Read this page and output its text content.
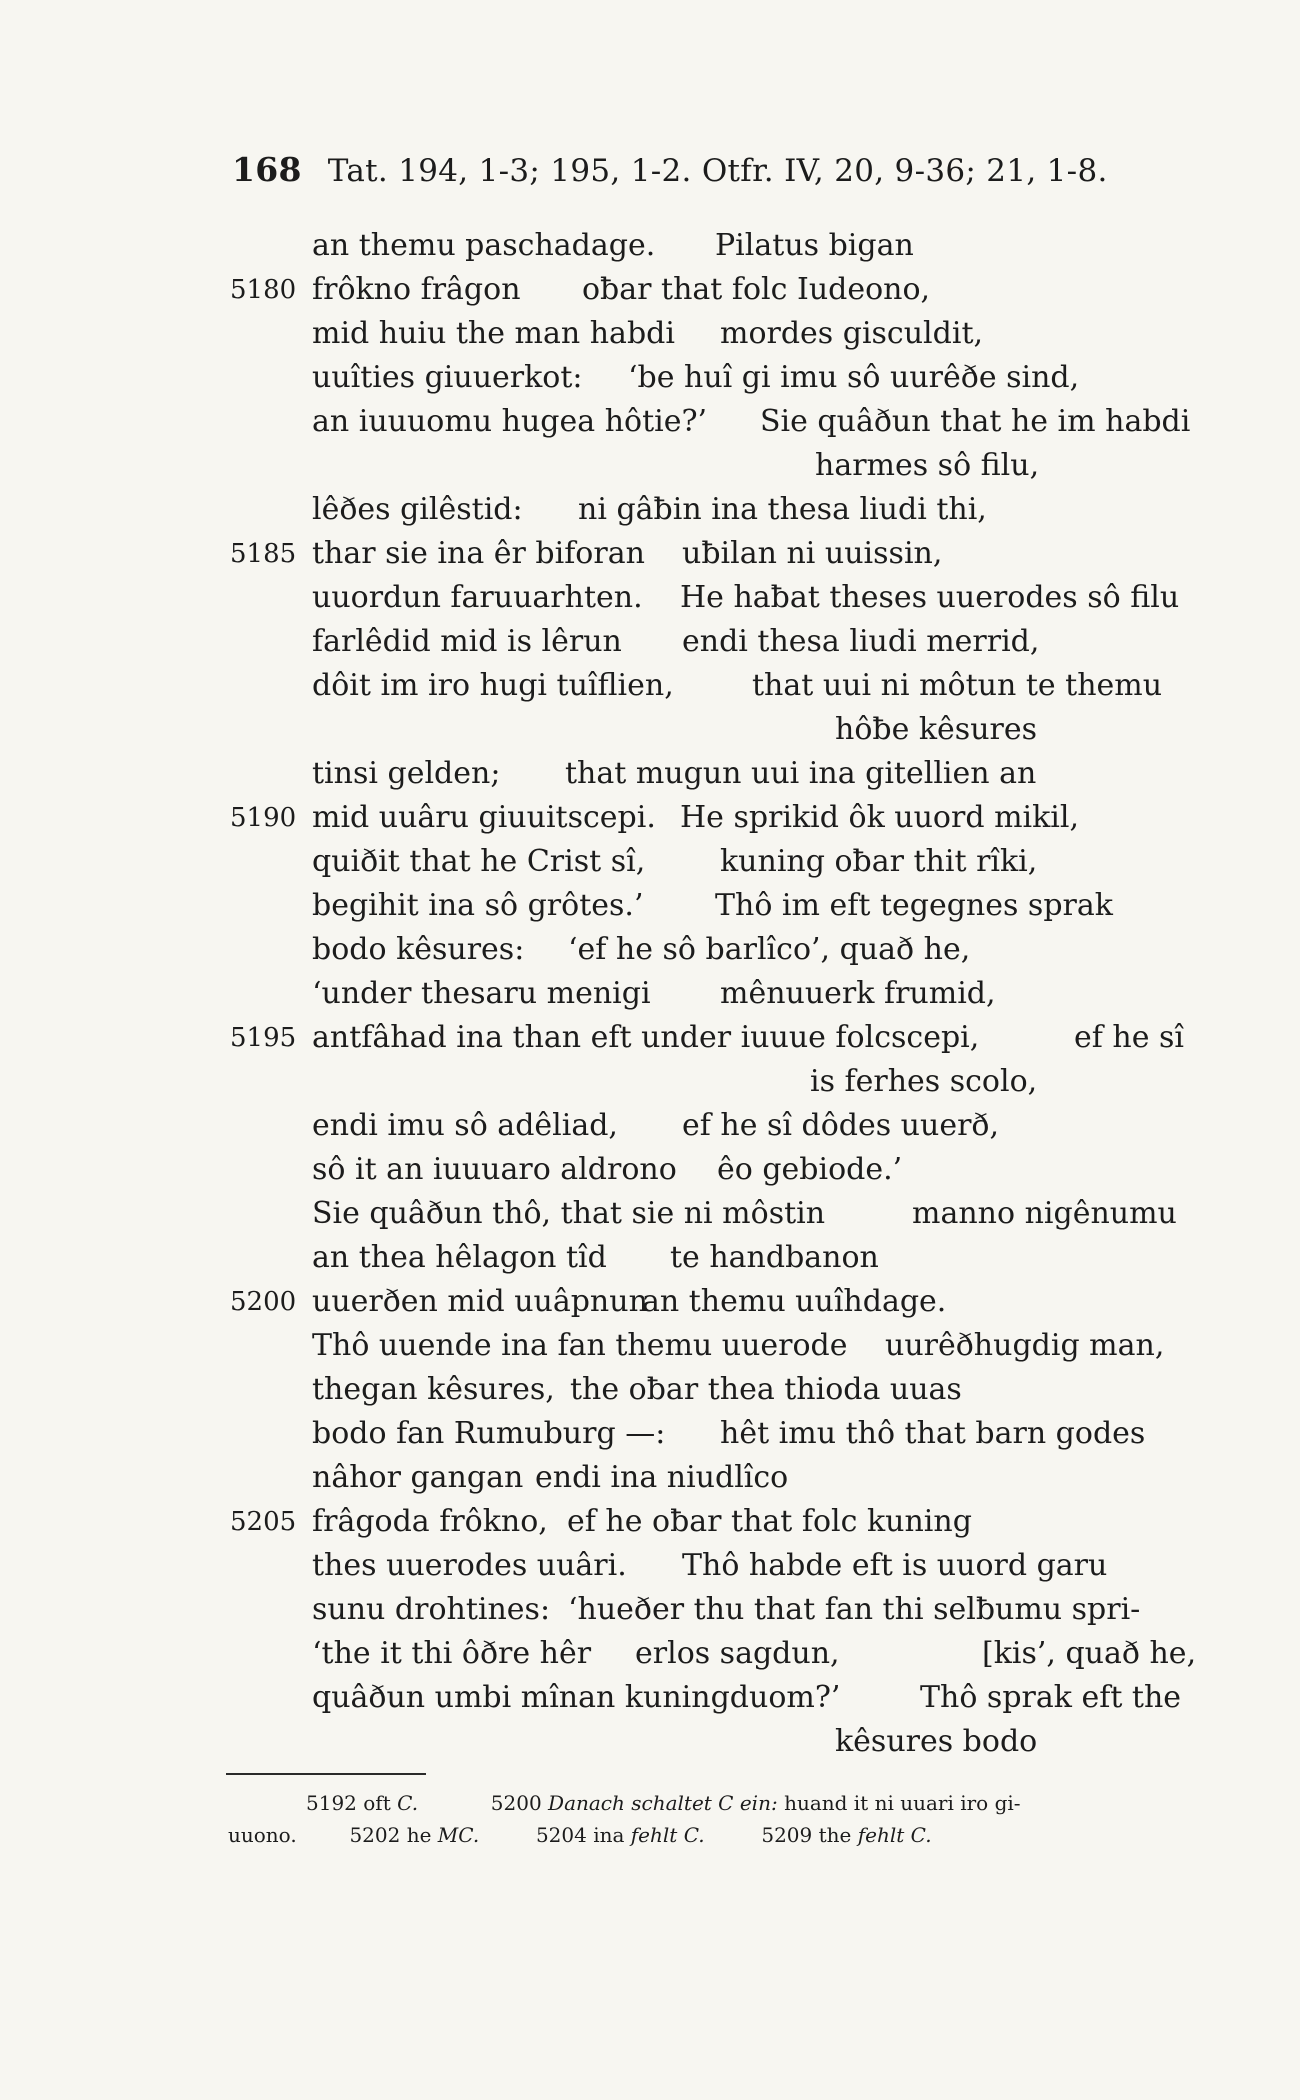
168 Tat. 194, 1-3; 195, 1-2. Otfr. IV, 20, 9-36; 21, 1-8.
an themu paschadage. Pilatus bigan
5180 frôkno frâgon oƀar that folc Iudeono,
mid huiu the man habdi mordes gisculdit,
uuîties giuuerkot: ‘be huî gi imu sô uurêðe sind,
an iuuuomu hugea hôtie?’ Sie quâðun that he im habdi
harmes sô filu,
lêðes gilêstid: ni gâƀin ina thesa liudi thi,
5185 thar sie ina êr biforan uƀilan ni uuissin,
uuordun faruuarhten. He haƀat theses uuerodes sô filu
farlêdid mid is lêrun endi thesa liudi merrid,
dôit im iro hugi tuîflien,	that uui ni môtun te themu
hôƀe kêsures
tinsi gelden; that mugun uui ina gitellien an
5190 mid uuâru giuuitscepi. He sprikid ôk uuord mikil,
quiðit that he Crist sî, kuning oƀar thit rîki,
begihit ina sô grôtes.’ Thô im eft tegegnes sprak
bodo kêsures: ‘ef he sô barlîco’, quað he,
‘under thesaru menigi mênuuerk frumid,
5195 antfâhad ina than eft under iuuue folcscepi,	ef he sî
is ferhes scolo,
endi imu sô adêliad, ef he sî dôdes uuerð,
sô it an iuuuaro aldrono êo gebiode.’
Sie quâðun thô, that sie ni môstin	manno nigênumu
an thea hêlagon tîd te handbanon
5200 uuerðen mid uuâpnun
an themu uuîhdage.
Thô uuende ina fan themu uuerode uurêðhugdig man,
thegan kêsures, the oƀar thea thioda uuas
bodo fan Rumuburg —: hêt imu thô that barn godes
nâhor gangan endi ina niudlîco
5205 frâgoda frôkno, ef he oƀar that folc kuning
thes uuerodes uuâri. Thô habde eft is uuord garu
sunu drohtines: ‘hueðer thu that fan thi selƀumu spri-
‘the it thi ôðre hêr erlos sagdun,	[kis’, quað he,
quâðun umbi mînan kuningduom?’	Thô sprak eft the
kêsures bodo
5192 oft C.	5200 Danach schaltet C ein: huand it ni uuari iro gi-
uuono.	5202 he MC.	5204 ina fehlt C.	5209 the fehlt C.
